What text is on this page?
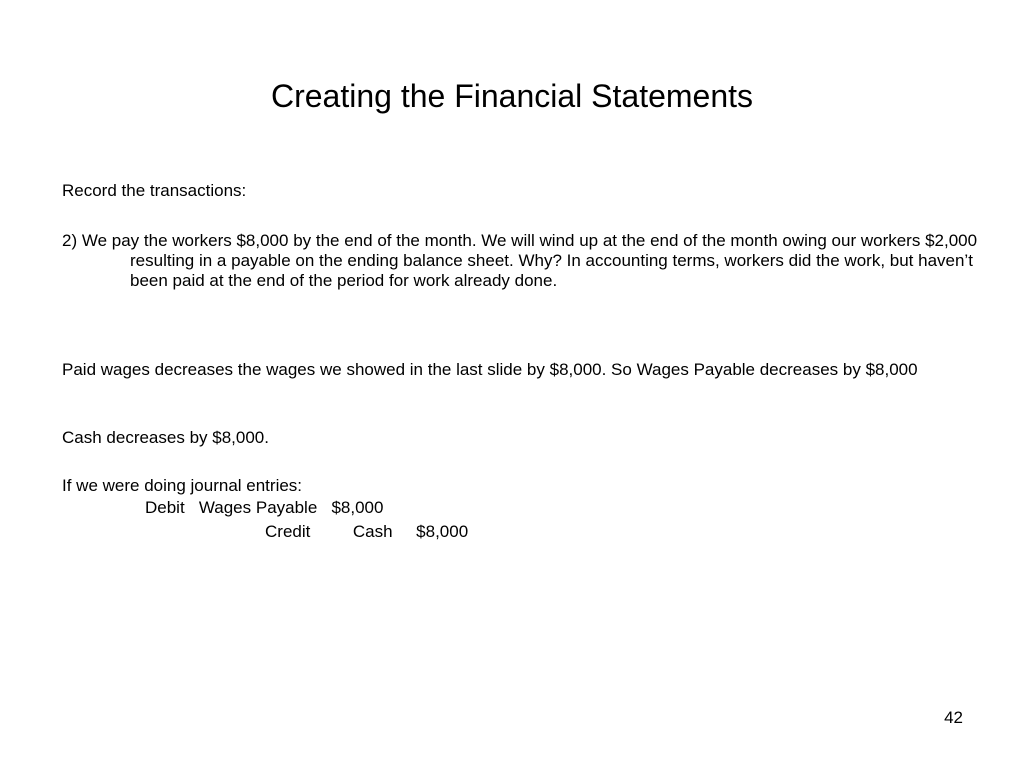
Creating the Financial Statements

Record the transactions:

2) We pay the workers $8,000 by the end of the month. We will wind up at the end of the month owing our workers $2,000 resulting in a payable on the ending balance sheet. Why? In accounting terms, workers did the work, but haven’t been paid at the end of the period for work already done.

Paid wages decreases the wages we showed in the last slide by $8,000. So Wages Payable decreases by $8,000

Cash decreases by $8,000.

If we were doing journal entries:

Debit   Wages Payable   $8,000

Credit         Cash     $8,000

42
